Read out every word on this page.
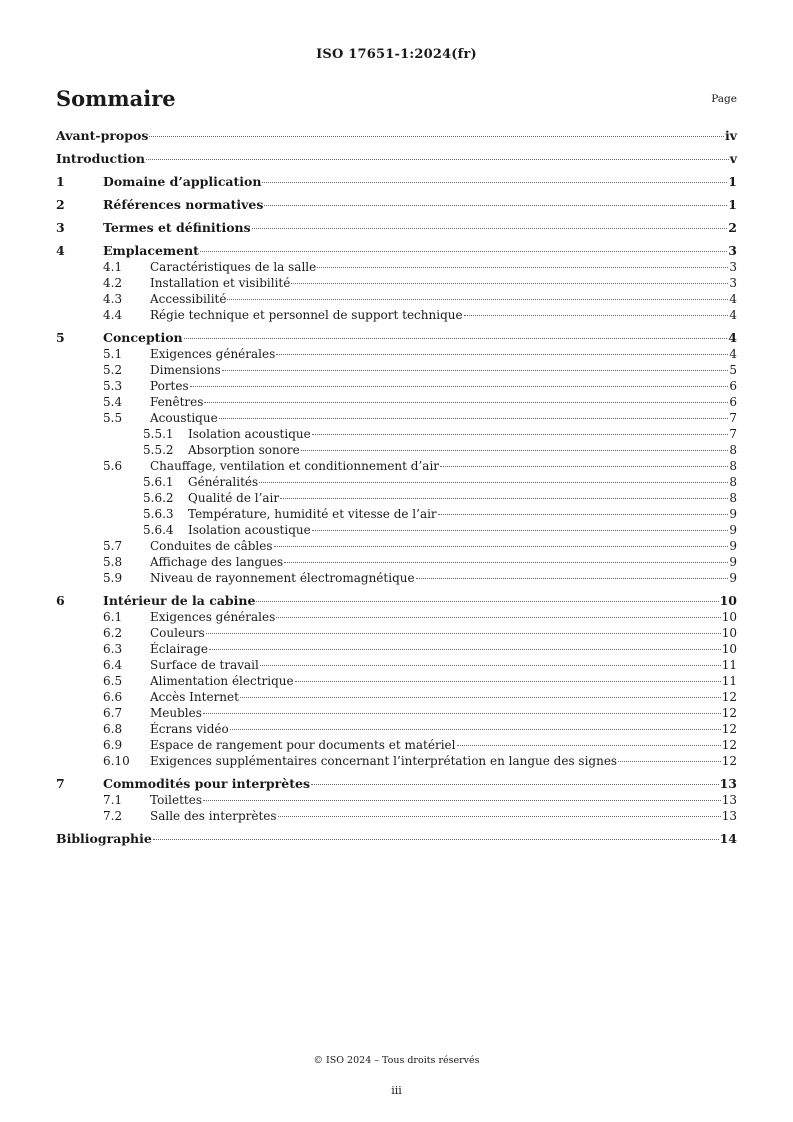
ISO 17651-1:2024(fr)
Sommaire	Page
Avant-propos	iv
Introduction	v
1	Domaine d’application	1
2	Références normatives	1
3	Termes et définitions	2
4	Emplacement	3
4.1	Caractéristiques de la salle	3
4.2	Installation et visibilité	3
4.3	Accessibilité	4
4.4	Régie technique et personnel de support technique	4
5	Conception	4
5.1	Exigences générales	4
5.2	Dimensions	5
5.3	Portes	6
5.4	Fenêtres	6
5.5	Acoustique	7
5.5.1	Isolation acoustique	7
5.5.2	Absorption sonore	8
5.6	Chauffage, ventilation et conditionnement d’air	8
5.6.1	Généralités	8
5.6.2	Qualité de l’air	8
5.6.3	Température, humidité et vitesse de l’air	9
5.6.4	Isolation acoustique	9
5.7	Conduites de câbles	9
5.8	Affichage des langues	9
5.9	Niveau de rayonnement électromagnétique	9
6	Intérieur de la cabine	10
6.1	Exigences générales	10
6.2	Couleurs	10
6.3	Éclairage	10
6.4	Surface de travail	11
6.5	Alimentation électrique	11
6.6	Accès Internet	12
6.7	Meubles	12
6.8	Écrans vidéo	12
6.9	Espace de rangement pour documents et matériel	12
6.10	Exigences supplémentaires concernant l’interprétation en langue des signes	12
7	Commodités pour interprètes	13
7.1	Toilettes	13
7.2	Salle des interprètes	13
Bibliographie	14
© ISO 2024 – Tous droits réservés
iii
